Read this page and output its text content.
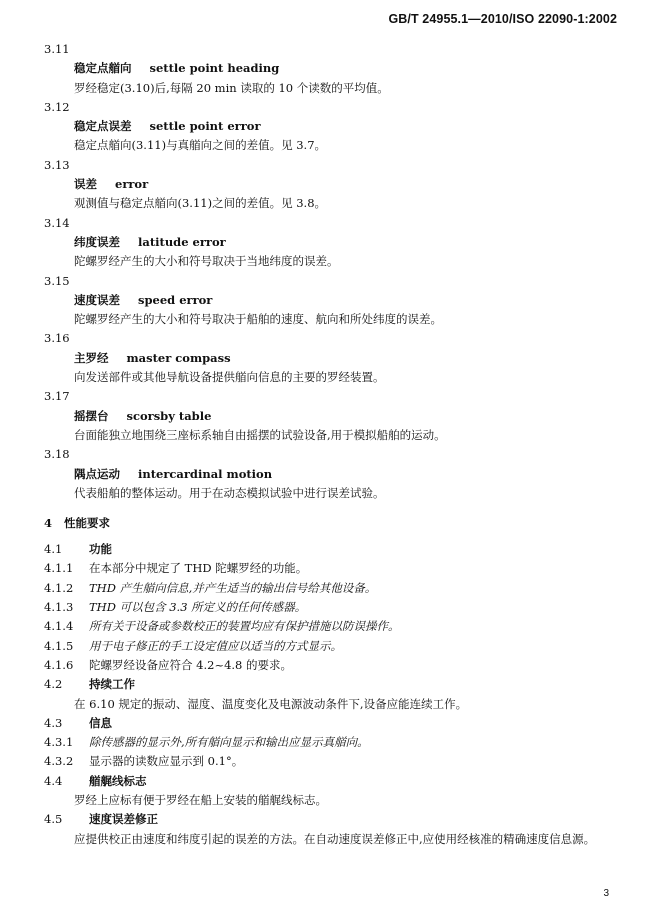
GB/T 24955.1—2010/ISO 22090-1:2002
3.11
稳定点艏向 settle point heading
罗经稳定(3.10)后,每隔 20 min 读取的 10 个读数的平均值。
3.12
稳定点误差 settle point error
稳定点艏向(3.11)与真艏向之间的差值。见 3.7。
3.13
误差 error
观测值与稳定点艏向(3.11)之间的差值。见 3.8。
3.14
纬度误差 latitude error
陀螺罗经产生的大小和符号取决于当地纬度的误差。
3.15
速度误差 speed error
陀螺罗经产生的大小和符号取决于船舶的速度、航向和所处纬度的误差。
3.16
主罗经 master compass
向发送部件或其他导航设备提供艏向信息的主要的罗经装置。
3.17
摇摆台 scorsby table
台面能独立地围绕三座标系轴自由摇摆的试验设备,用于模拟船舶的运动。
3.18
隅点运动 intercardinal motion
代表船舶的整体运动。用于在动态模拟试验中进行误差试验。
4 性能要求
4.1 功能
4.1.1 在本部分中规定了 THD 陀螺罗经的功能。
4.1.2 THD 产生艏向信息,并产生适当的输出信号给其他设备。
4.1.3 THD 可以包含 3.3 所定义的任何传感器。
4.1.4 所有关于设备或参数校正的装置均应有保护措施以防误操作。
4.1.5 用于电子修正的手工设定值应以适当的方式显示。
4.1.6 陀螺罗经设备应符合 4.2~4.8 的要求。
4.2 持续工作
在 6.10 规定的振动、湿度、温度变化及电源波动条件下,设备应能连续工作。
4.3 信息
4.3.1 除传感器的显示外,所有艏向显示和输出应显示真艏向。
4.3.2 显示器的读数应显示到 0.1°。
4.4 艏艉线标志
罗经上应标有便于罗经在船上安装的艏艉线标志。
4.5 速度误差修正
应提供校正由速度和纬度引起的误差的方法。在自动速度误差修正中,应使用经核准的精确速度信息源。
3
